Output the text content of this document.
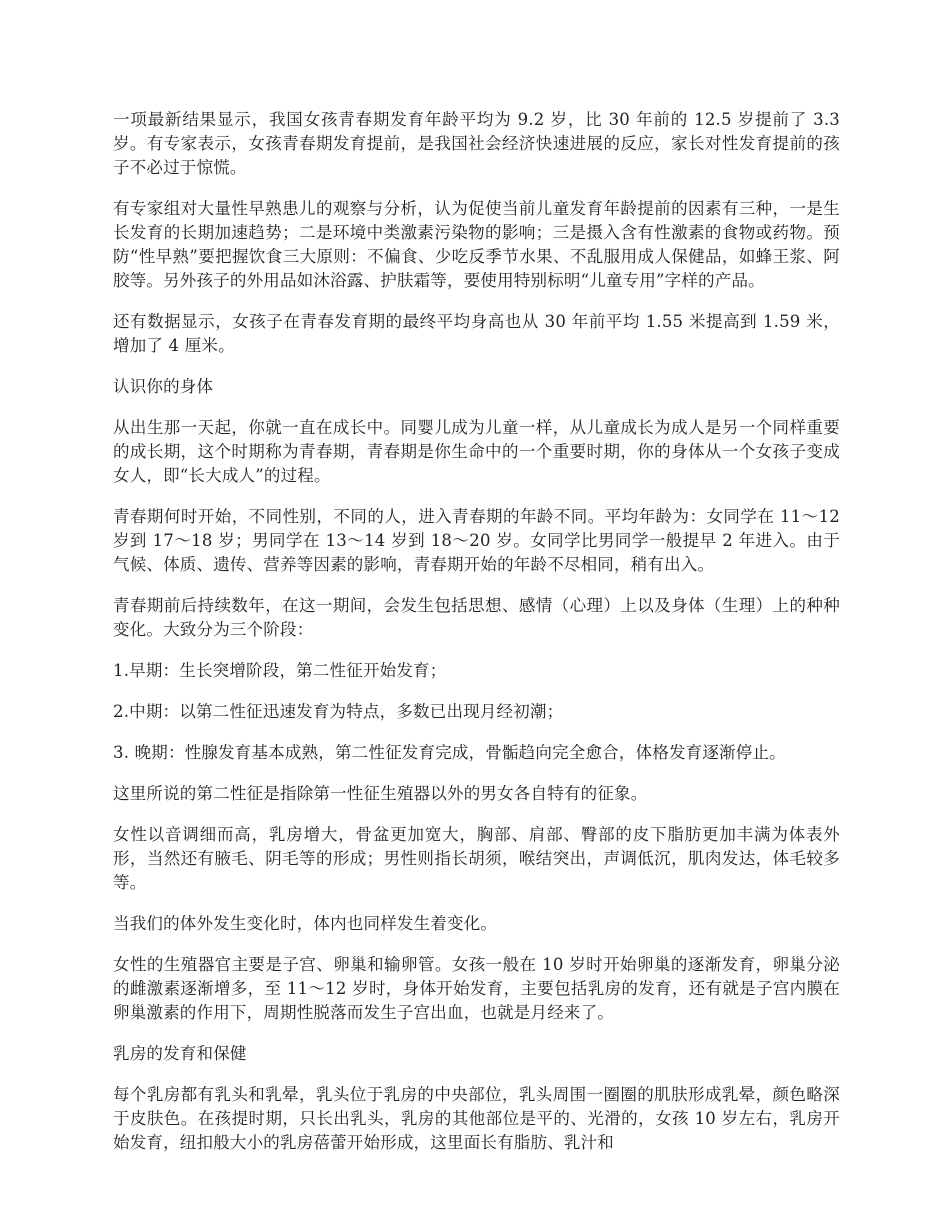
一项最新结果显示，我国女孩青春期发育年龄平均为 9.2 岁，比 30 年前的 12.5 岁提前了 3.3 岁。有专家表示，女孩青春期发育提前，是我国社会经济快速进展的反应，家长对性发育提前的孩子不必过于惊慌。

有专家组对大量性早熟患儿的观察与分析，认为促使当前儿童发育年龄提前的因素有三种，一是生长发育的长期加速趋势；二是环境中类激素污染物的影响；三是摄入含有性激素的食物或药物。预防“性早熟”要把握饮食三大原则：不偏食、少吃反季节水果、不乱服用成人保健品，如蜂王浆、阿胶等。另外孩子的外用品如沐浴露、护肤霜等，要使用特别标明“儿童专用”字样的产品。

还有数据显示，女孩子在青春发育期的最终平均身高也从 30 年前平均 1.55 米提高到 1.59 米，增加了 4 厘米。

认识你的身体

从出生那一天起，你就一直在成长中。同婴儿成为儿童一样，从儿童成长为成人是另一个同样重要的成长期，这个时期称为青春期，青春期是你生命中的一个重要时期，你的身体从一个女孩子变成女人，即“长大成人”的过程。

青春期何时开始，不同性别，不同的人，进入青春期的年龄不同。平均年龄为：女同学在 11～12 岁到 17～18 岁；男同学在 13～14 岁到 18～20 岁。女同学比男同学一般提早 2 年进入。由于气候、体质、遗传、营养等因素的影响，青春期开始的年龄不尽相同，稍有出入。

青春期前后持续数年，在这一期间，会发生包括思想、感情（心理）上以及身体（生理）上的种种变化。大致分为三个阶段：

1.早期：生长突增阶段，第二性征开始发育；

2.中期：以第二性征迅速发育为特点，多数已出现月经初潮；

3. 晚期：性腺发育基本成熟，第二性征发育完成，骨骺趋向完全愈合，体格发育逐渐停止。

这里所说的第二性征是指除第一性征生殖器以外的男女各自特有的征象。

女性以音调细而高，乳房增大，骨盆更加宽大，胸部、肩部、臀部的皮下脂肪更加丰满为体表外形，当然还有腋毛、阴毛等的形成；男性则指长胡须，喉结突出，声调低沉，肌肉发达，体毛较多等。

当我们的体外发生变化时，体内也同样发生着变化。

女性的生殖器官主要是子宫、卵巢和输卵管。女孩一般在 10 岁时开始卵巢的逐渐发育，卵巢分泌的雌激素逐渐增多，至 11～12 岁时，身体开始发育，主要包括乳房的发育，还有就是子宫内膜在卵巢激素的作用下，周期性脱落而发生子宫出血，也就是月经来了。

乳房的发育和保健

每个乳房都有乳头和乳晕，乳头位于乳房的中央部位，乳头周围一圈圈的肌肤形成乳晕，颜色略深于皮肤色。在孩提时期，只长出乳头，乳房的其他部位是平的、光滑的，女孩 10 岁左右，乳房开始发育，纽扣般大小的乳房蓓蕾开始形成，这里面长有脂肪、乳汁和
